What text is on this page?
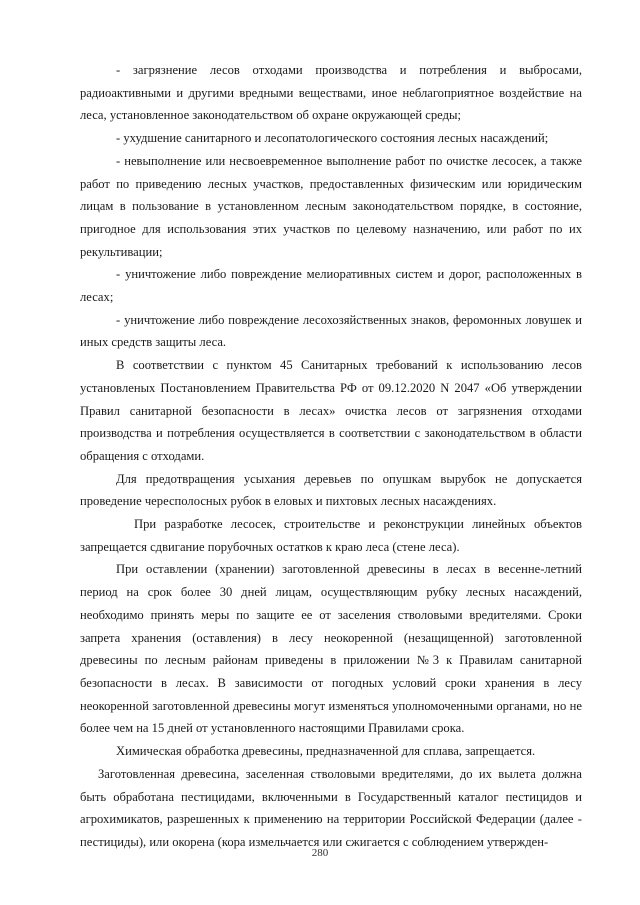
- загрязнение лесов отходами производства и потребления и выбросами, радиоактивными и другими вредными веществами, иное неблагоприятное воздействие на леса, установленное законодательством об охране окружающей среды;

- ухудшение санитарного и лесопатологического состояния лесных насаждений;

- невыполнение или несвоевременное выполнение работ по очистке лесосек, а также работ по приведению лесных участков, предоставленных физическим или юридическим лицам в пользование в установленном лесным законодательством порядке, в состояние, пригодное для использования этих участков по целевому назначению, или работ по их рекультивации;

- уничтожение либо повреждение мелиоративных систем и дорог, расположенных в лесах;

- уничтожение либо повреждение лесохозяйственных знаков, феромонных ловушек и иных средств защиты леса.

В соответствии с пунктом 45 Санитарных требований к использованию лесов установленых Постановлением Правительства РФ от 09.12.2020 N 2047 «Об утверждении Правил санитарной безопасности в лесах» очистка лесов от загрязнения отходами производства и потребления осуществляется в соответствии с законодательством в области обращения с отходами.

Для предотвращения усыхания деревьев по опушкам вырубок не допускается проведение чересполосных рубок в еловых и пихтовых лесных насаждениях.

При разработке лесосек, строительстве и реконструкции линейных объектов запрещается сдвигание порубочных остатков к краю леса (стене леса).

При оставлении (хранении) заготовленной древесины в лесах в весенне-летний период на срок более 30 дней лицам, осуществляющим рубку лесных насаждений, необходимо принять меры по защите ее от заселения стволовыми вредителями. Сроки запрета хранения (оставления) в лесу неокоренной (незащищенной) заготовленной древесины по лесным районам приведены в приложении №3 к Правилам санитарной безопасности в лесах. В зависимости от погодных условий сроки хранения в лесу неокоренной заготовленной древесины могут изменяться уполномоченными органами, но не более чем на 15 дней от установленного настоящими Правилами срока.

Химическая обработка древесины, предназначенной для сплава, запрещается.

Заготовленная древесина, заселенная стволовыми вредителями, до их вылета должна быть обработана пестицидами, включенными в Государственный каталог пестицидов и агрохимикатов, разрешенных к применению на территории Российской Федерации (далее - пестициды), или окорена (кора измельчается или сжигается с соблюдением утвержден-

280
